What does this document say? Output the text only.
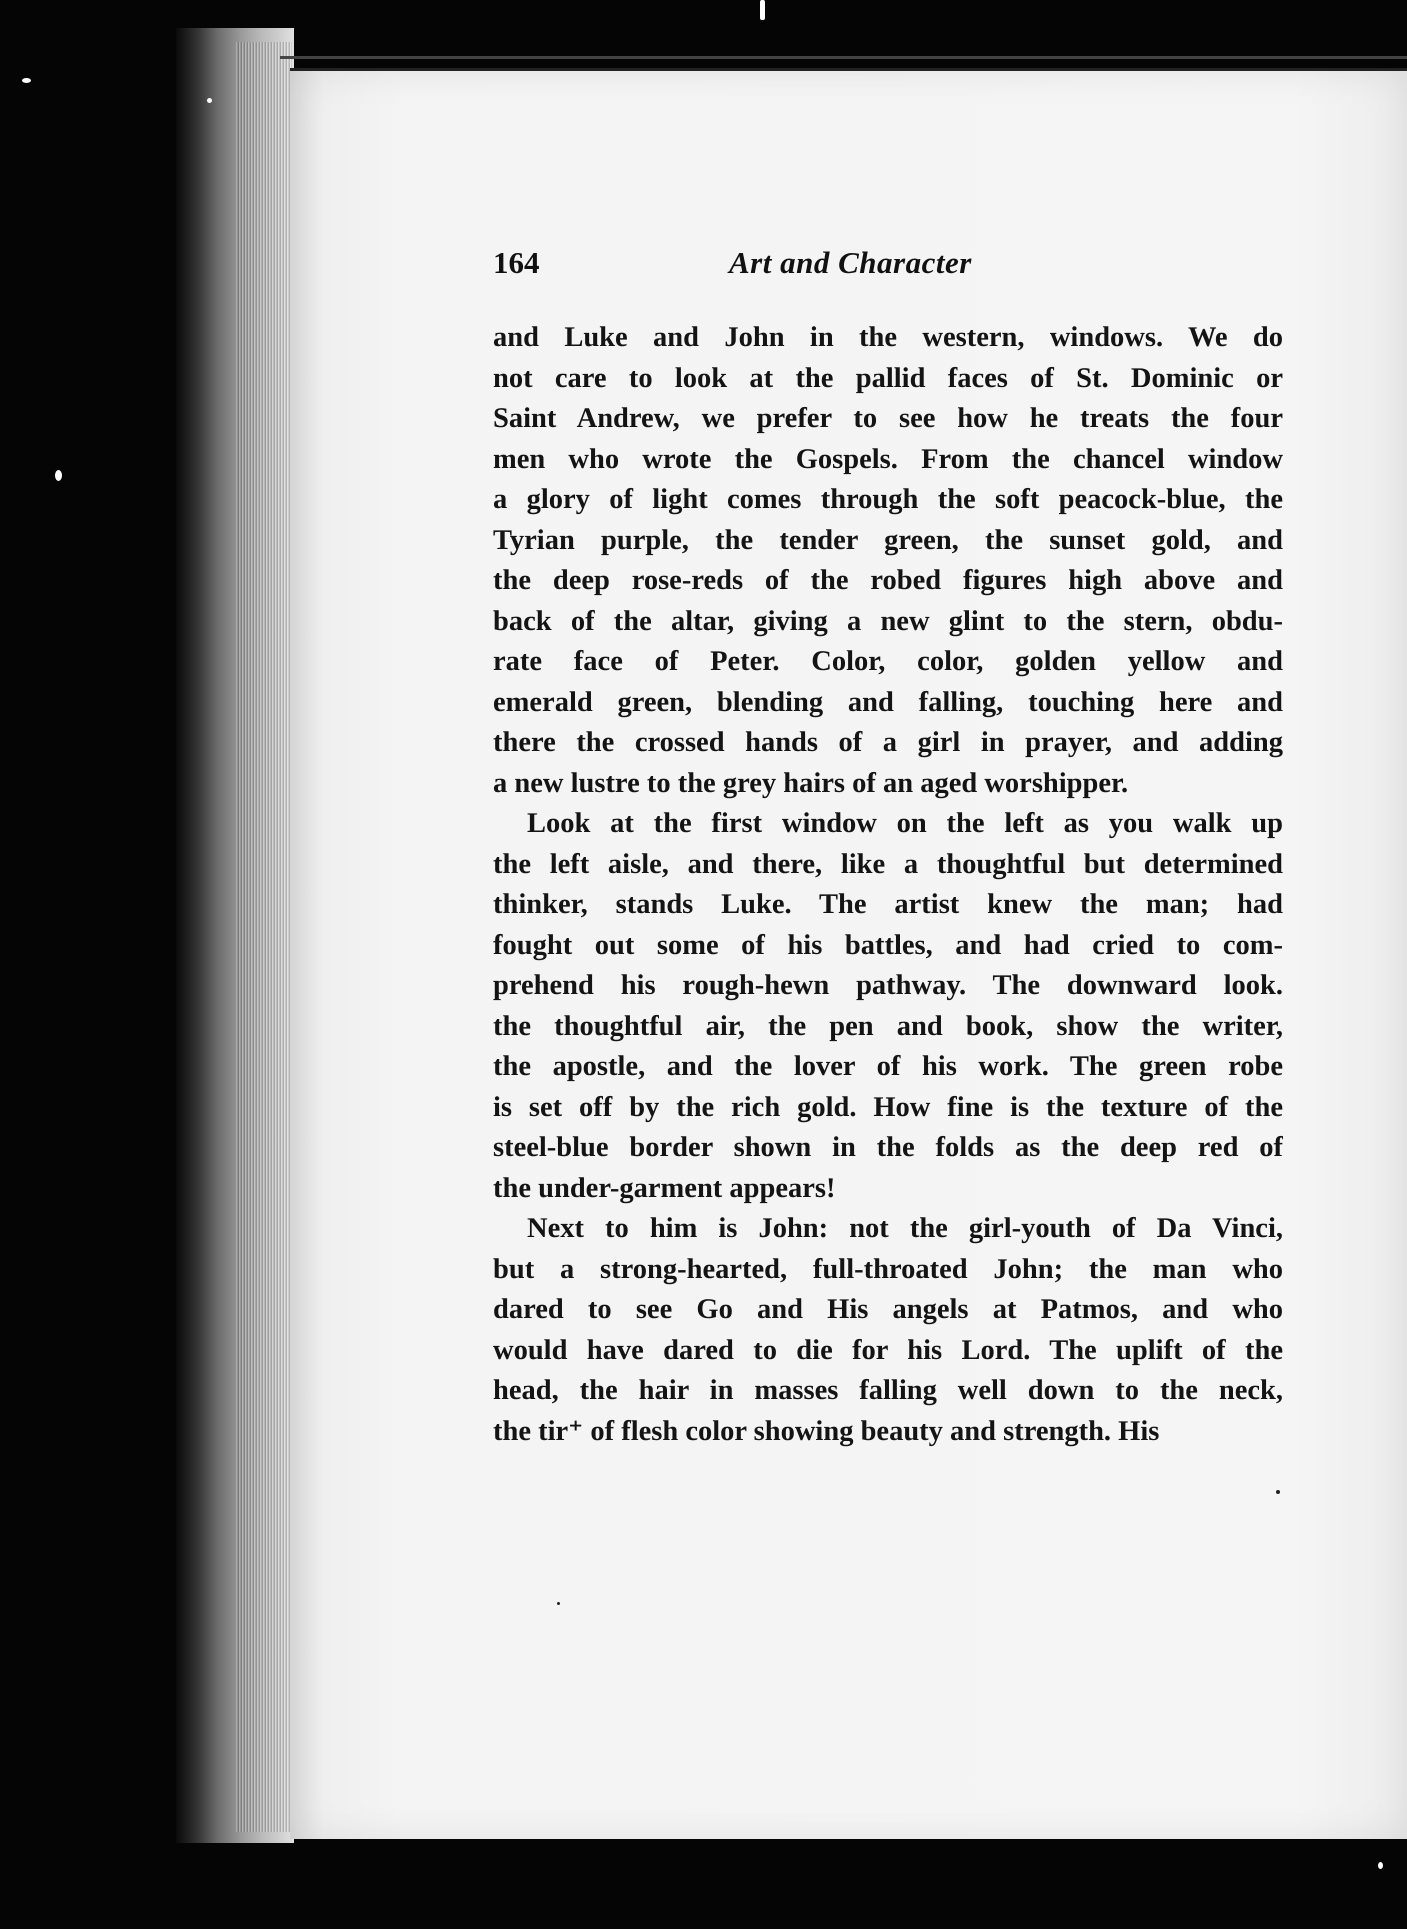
164	Art and Character
and Luke and John in the western, windows. We do
not care to look at the pallid faces of St. Dominic or
Saint Andrew, we prefer to see how he treats the four
men who wrote the Gospels. From the chancel window
a glory of light comes through the soft peacock-blue, the
Tyrian purple, the tender green, the sunset gold, and
the deep rose-reds of the robed figures high above and
back of the altar, giving a new glint to the stern, obdu-
rate face of Peter. Color, color, golden yellow and
emerald green, blending and falling, touching here and
there the crossed hands of a girl in prayer, and adding
a new lustre to the grey hairs of an aged worshipper.
Look at the first window on the left as you walk up
the left aisle, and there, like a thoughtful but determined
thinker, stands Luke. The artist knew the man; had
fought out some of his battles, and had cried to com-
prehend his rough-hewn pathway. The downward look.
the thoughtful air, the pen and book, show the writer,
the apostle, and the lover of his work. The green robe
is set off by the rich gold. How fine is the texture of the
steel-blue border shown in the folds as the deep red of
the under-garment appears!
Next to him is John: not the girl-youth of Da Vinci,
but a strong-hearted, full-throated John; the man who
dared to see Go and His angels at Patmos, and who
would have dared to die for his Lord. The uplift of the
head, the hair in masses falling well down to the neck,
the tir⁺ of flesh color showing beauty and strength. His
